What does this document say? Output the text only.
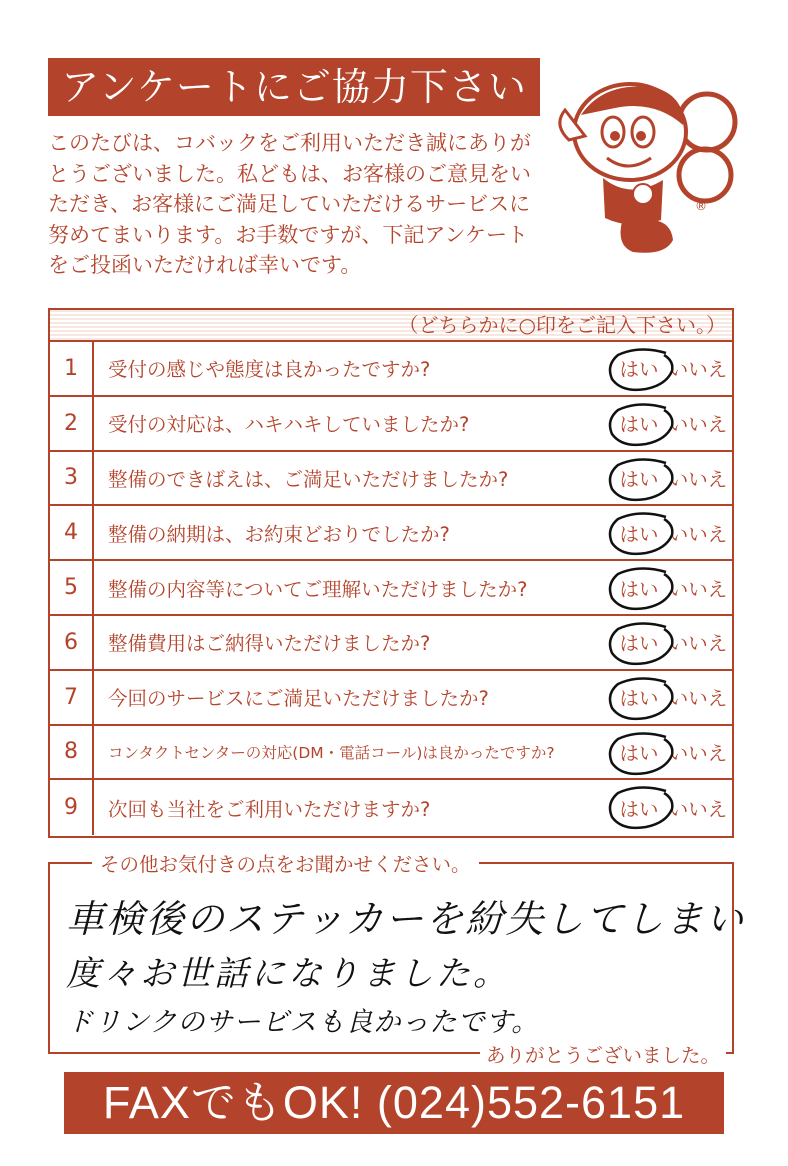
アンケートにご協力下さい
このたびは、コバックをご利用いただき誠にありがとうございました。私どもは、お客様のご意見をいただき、お客様にご満足していただけるサービスに努めてまいります。お手数ですが、下記アンケートをご投函いただければ幸いです。
®
（どちらかに○印をご記入下さい。）
1	受付の感じや態度は良かったですか?	はい いいえ
2	受付の対応は、ハキハキしていましたか?	はい いいえ
3	整備のできばえは、ご満足いただけましたか?	はい いいえ
4	整備の納期は、お約束どおりでしたか?	はい いいえ
5	整備の内容等についてご理解いただけましたか?	はい いいえ
6	整備費用はご納得いただけましたか?	はい いいえ
7	今回のサービスにご満足いただけましたか?	はい いいえ
8	コンタクトセンターの対応(DM・電話コール)は良かったですか?	はい いいえ
9	次回も当社をご利用いただけますか?	はい いいえ
その他お気付きの点をお聞かせください。
車検後のステッカーを紛失してしまい
度々お世話になりました。
ドリンクのサービスも良かったです。
ありがとうございました。
FAXでもOK! (024)552-6151
